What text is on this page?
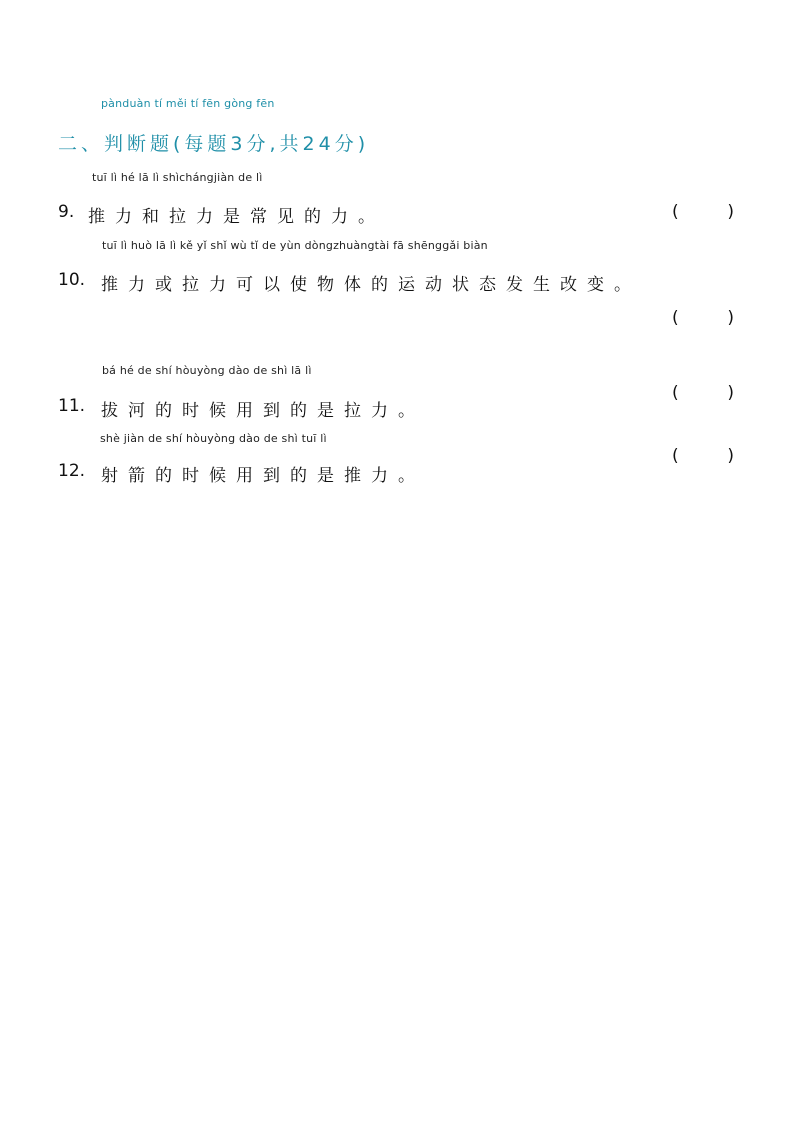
pànduàn tí měi tí fēn gòng fēn
二、判断题(每题3分,共24分)
tuī lì hé lā lì shìchángjiàn de lì
9. 推力和拉力是常见的力。	(	)
tuī lì huò lā lì kě yǐ shǐ wù tǐ de yùn dòngzhuàngtài fā shēnggǎi biàn
10. 推力或拉力可以使物体的运动状态发生改变。
(	)
bá hé de shí hòuyòng dào de shì lā lì
11. 拔河的时候用到的是拉力。
(	)
shè jiàn de shí hòuyòng dào de shì tuī lì
12. 射箭的时候用到的是推力。
(	)
